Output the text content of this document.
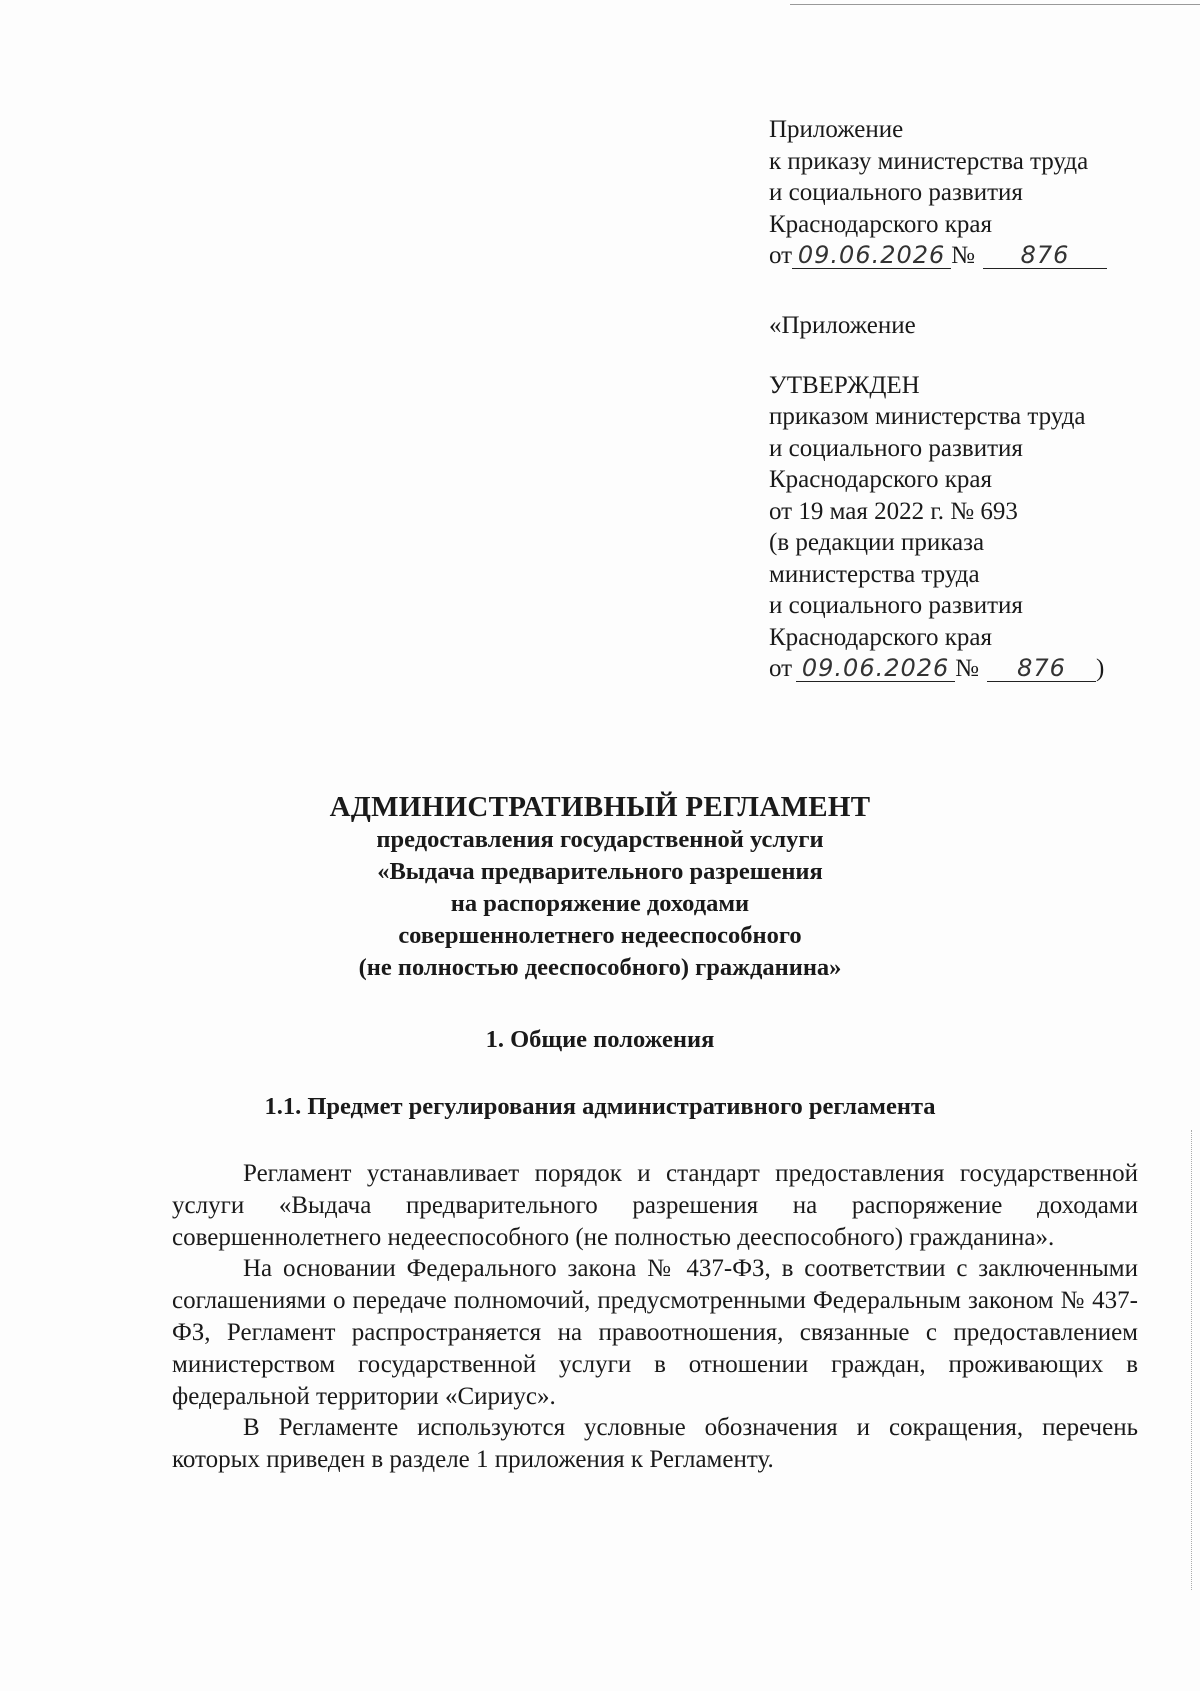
Приложение
к приказу министерства труда
и социального развития
Краснодарского края
от 09.06.2026 №	876
«Приложение
УТВЕРЖДЕН
приказом министерства труда
и социального развития
Краснодарского края
от 19 мая 2022 г. № 693
(в редакции приказа
министерства труда
и социального развития
Краснодарского края
от 09.06.2026 №	876	)
АДМИНИСТРАТИВНЫЙ РЕГЛАМЕНТ
предоставления государственной услуги
«Выдача предварительного разрешения
на распоряжение доходами
совершеннолетнего недееспособного
(не полностью дееспособного) гражданина»
1. Общие положения
1.1. Предмет регулирования административного регламента

Регламент устанавливает порядок и стандарт предоставления государственной услуги «Выдача предварительного разрешения на распоряжение доходами совершеннолетнего недееспособного (не полностью дееспособного) гражданина».

На основании Федерального закона № 437-ФЗ, в соответствии с заключенными соглашениями о передаче полномочий, предусмотренными Федеральным законом № 437-ФЗ, Регламент распространяется на правоотношения, связанные с предоставлением министерством государственной услуги в отношении граждан, проживающих в федеральной территории «Сириус».

В Регламенте используются условные обозначения и сокращения, перечень которых приведен в разделе 1 приложения к Регламенту.
